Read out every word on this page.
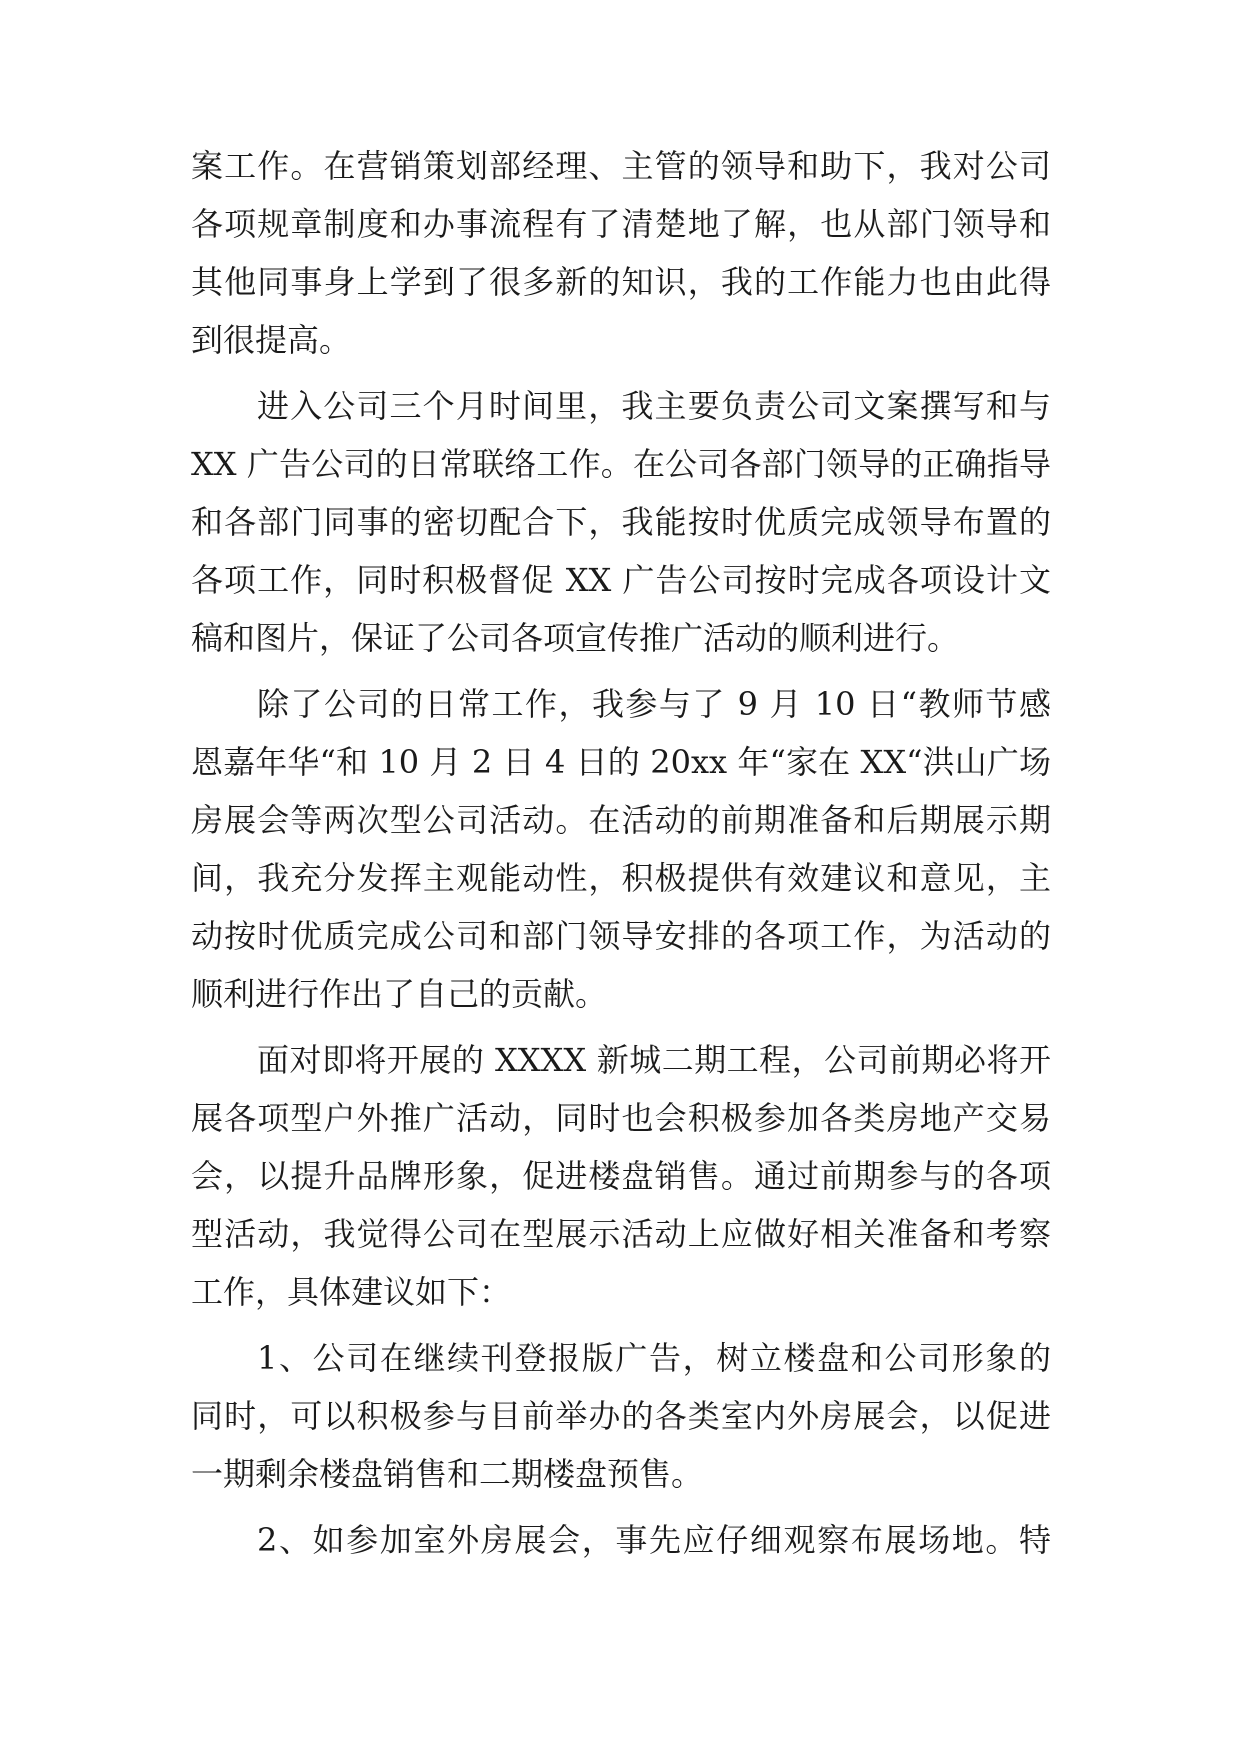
案工作。在营销策划部经理、主管的领导和助下，我对公司
各项规章制度和办事流程有了清楚地了解，也从部门领导和
其他同事身上学到了很多新的知识，我的工作能力也由此得
到很提高。
进入公司三个月时间里，我主要负责公司文案撰写和与
XX 广告公司的日常联络工作。在公司各部门领导的正确指导
和各部门同事的密切配合下，我能按时优质完成领导布置的
各项工作，同时积极督促 XX 广告公司按时完成各项设计文
稿和图片，保证了公司各项宣传推广活动的顺利进行。
除了公司的日常工作，我参与了 9 月 10 日“教师节感
恩嘉年华“和 10 月 2 日 4 日的 20xx 年“家在 XX“洪山广场
房展会等两次型公司活动。在活动的前期准备和后期展示期
间，我充分发挥主观能动性，积极提供有效建议和意见，主
动按时优质完成公司和部门领导安排的各项工作，为活动的
顺利进行作出了自己的贡献。
面对即将开展的 XXXX 新城二期工程，公司前期必将开
展各项型户外推广活动，同时也会积极参加各类房地产交易
会，以提升品牌形象，促进楼盘销售。通过前期参与的各项
型活动，我觉得公司在型展示活动上应做好相关准备和考察
工作，具体建议如下：
1、公司在继续刊登报版广告，树立楼盘和公司形象的
同时，可以积极参与目前举办的各类室内外房展会，以促进
一期剩余楼盘销售和二期楼盘预售。
2、如参加室外房展会，事先应仔细观察布展场地。特
